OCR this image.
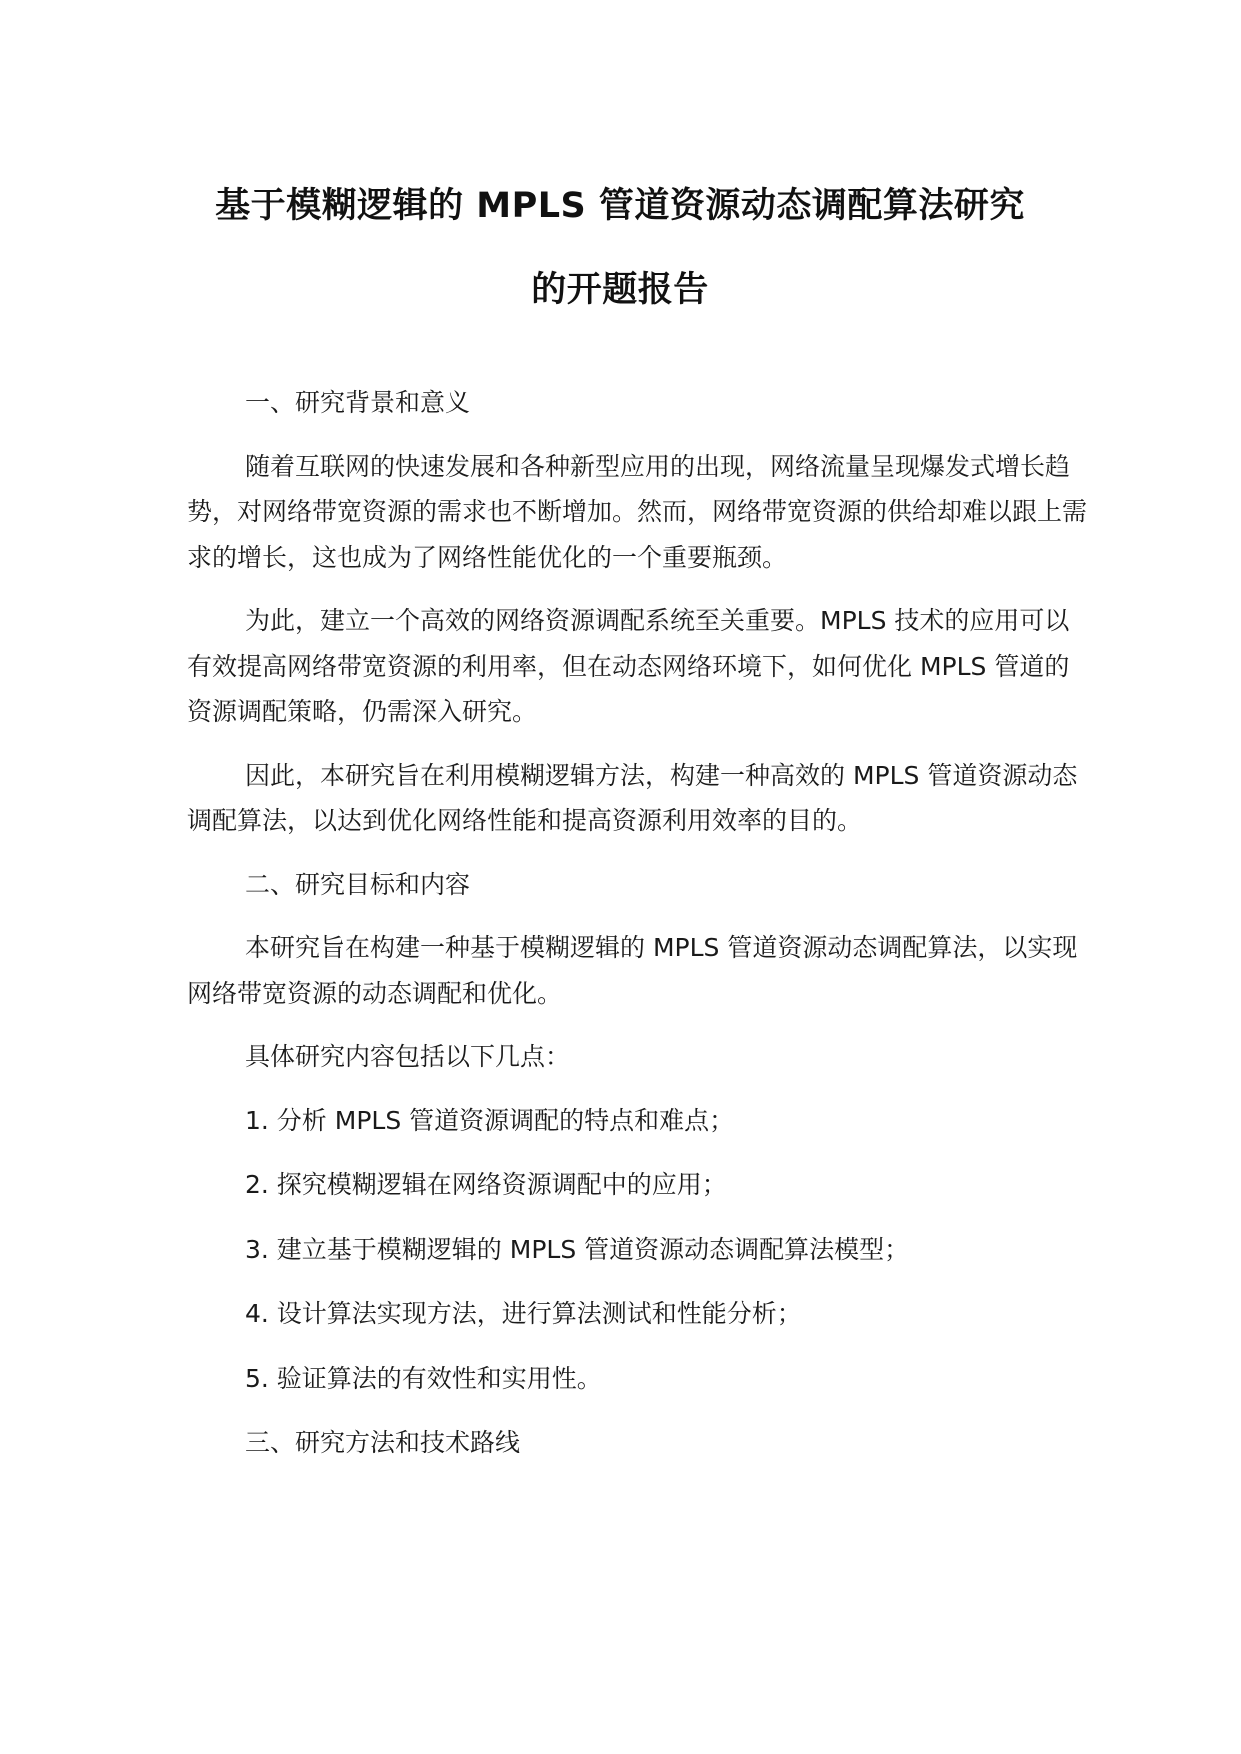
基于模糊逻辑的 MPLS 管道资源动态调配算法研究
的开题报告

一、研究背景和意义

随着互联网的快速发展和各种新型应用的出现，网络流量呈现爆发式增长趋势，对网络带宽资源的需求也不断增加。然而，网络带宽资源的供给却难以跟上需求的增长，这也成为了网络性能优化的一个重要瓶颈。

为此，建立一个高效的网络资源调配系统至关重要。MPLS 技术的应用可以有效提高网络带宽资源的利用率，但在动态网络环境下，如何优化 MPLS 管道的资源调配策略，仍需深入研究。

因此，本研究旨在利用模糊逻辑方法，构建一种高效的 MPLS 管道资源动态调配算法，以达到优化网络性能和提高资源利用效率的目的。

二、研究目标和内容

本研究旨在构建一种基于模糊逻辑的 MPLS 管道资源动态调配算法，以实现网络带宽资源的动态调配和优化。

具体研究内容包括以下几点：

1. 分析 MPLS 管道资源调配的特点和难点；

2. 探究模糊逻辑在网络资源调配中的应用；

3. 建立基于模糊逻辑的 MPLS 管道资源动态调配算法模型；

4. 设计算法实现方法，进行算法测试和性能分析；

5. 验证算法的有效性和实用性。

三、研究方法和技术路线
